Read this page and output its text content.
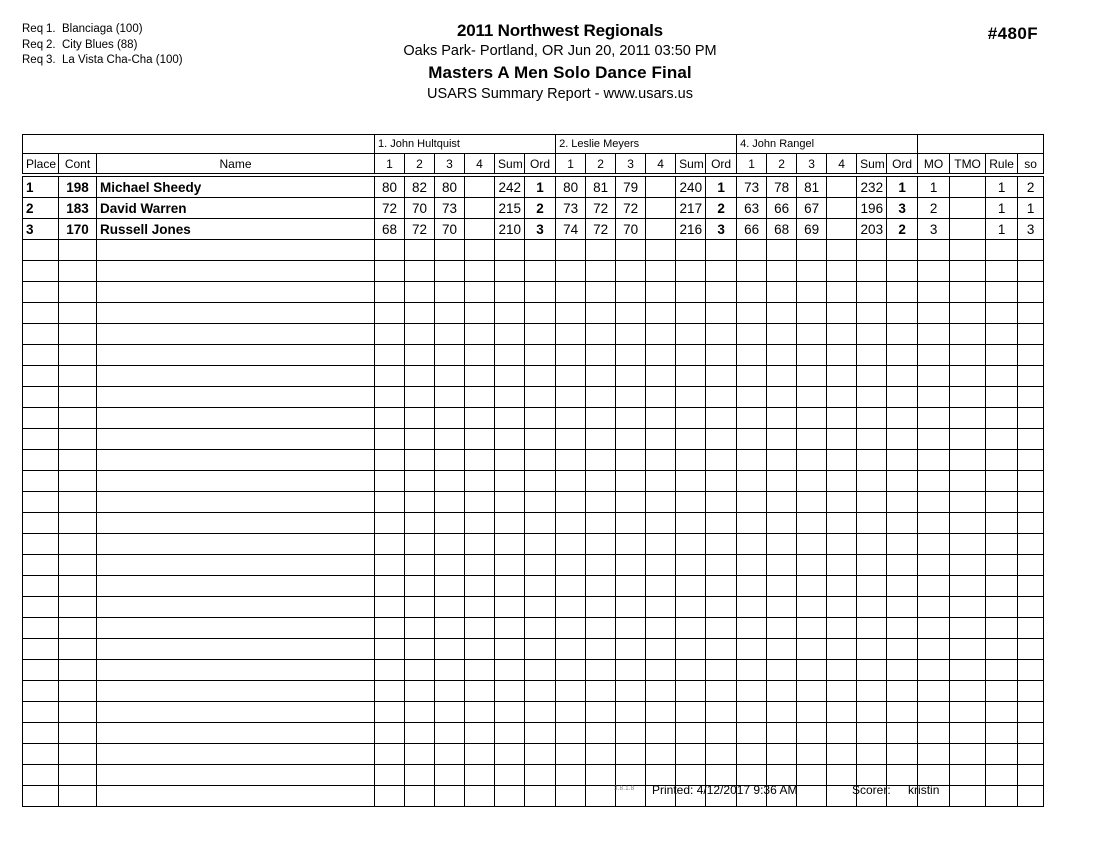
Req 1. Blanciaga (100)
Req 2. City Blues (88)
Req 3. La Vista Cha-Cha (100)
2011 Northwest Regionals
Oaks Park- Portland, OR Jun 20, 2011 03:50 PM
Masters A Men Solo Dance Final
USARS Summary Report - www.usars.us
#480F
			1. John Hultquist						2. Leslie Meyers						4. John Rangel									
Place	Cont	Name	1	2	3	4	Sum	Ord	1	2	3	4	Sum	Ord	1	2	3	4	Sum	Ord	MO	TMO	Rule	so

1	198	Michael Sheedy	80	82	80		242	1	80	81	79		240	1	73	78	81		232	1	1		1	2
2	183	David Warren	72	70	73		215	2	73	72	72		217	2	63	66	67		196	3	2		1	1
3	170	Russell Jones	68	72	70		210	3	74	72	70		216	3	66	68	69		203	2	3		1	3

3.8.1.8 Printed: 4/12/2017 9:36 AM	Scorer: kristin
